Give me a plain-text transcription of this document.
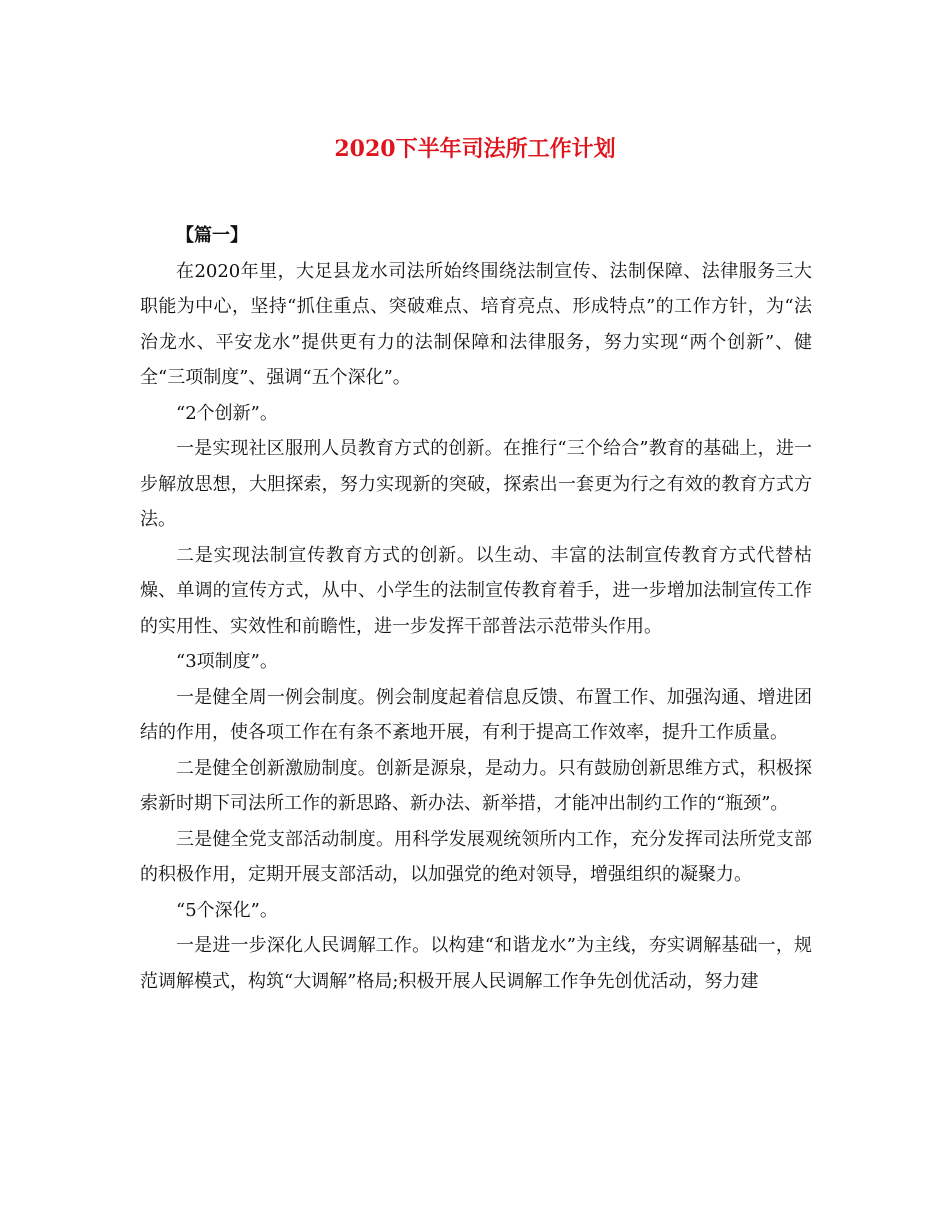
2020下半年司法所工作计划

【篇一】

在2020年里，大足县龙水司法所始终围绕法制宣传、法制保障、法律服务三大职能为中心，坚持“抓住重点、突破难点、培育亮点、形成特点”的工作方针，为“法治龙水、平安龙水”提供更有力的法制保障和法律服务，努力实现“两个创新”、健全“三项制度”、强调“五个深化”。

“2个创新”。

一是实现社区服刑人员教育方式的创新。在推行“三个给合”教育的基础上，进一步解放思想，大胆探索，努力实现新的突破，探索出一套更为行之有效的教育方式方法。

二是实现法制宣传教育方式的创新。以生动、丰富的法制宣传教育方式代替枯燥、单调的宣传方式，从中、小学生的法制宣传教育着手，进一步增加法制宣传工作的实用性、实效性和前瞻性，进一步发挥干部普法示范带头作用。

“3项制度”。

一是健全周一例会制度。例会制度起着信息反馈、布置工作、加强沟通、增进团结的作用，使各项工作在有条不紊地开展，有利于提高工作效率，提升工作质量。

二是健全创新激励制度。创新是源泉，是动力。只有鼓励创新思维方式，积极探索新时期下司法所工作的新思路、新办法、新举措，才能冲出制约工作的“瓶颈”。

三是健全党支部活动制度。用科学发展观统领所内工作，充分发挥司法所党支部的积极作用，定期开展支部活动，以加强党的绝对领导，增强组织的凝聚力。

“5个深化”。

一是进一步深化人民调解工作。以构建“和谐龙水”为主线，夯实调解基础一，规范调解模式，构筑“大调解”格局;积极开展人民调解工作争先创优活动，努力建
